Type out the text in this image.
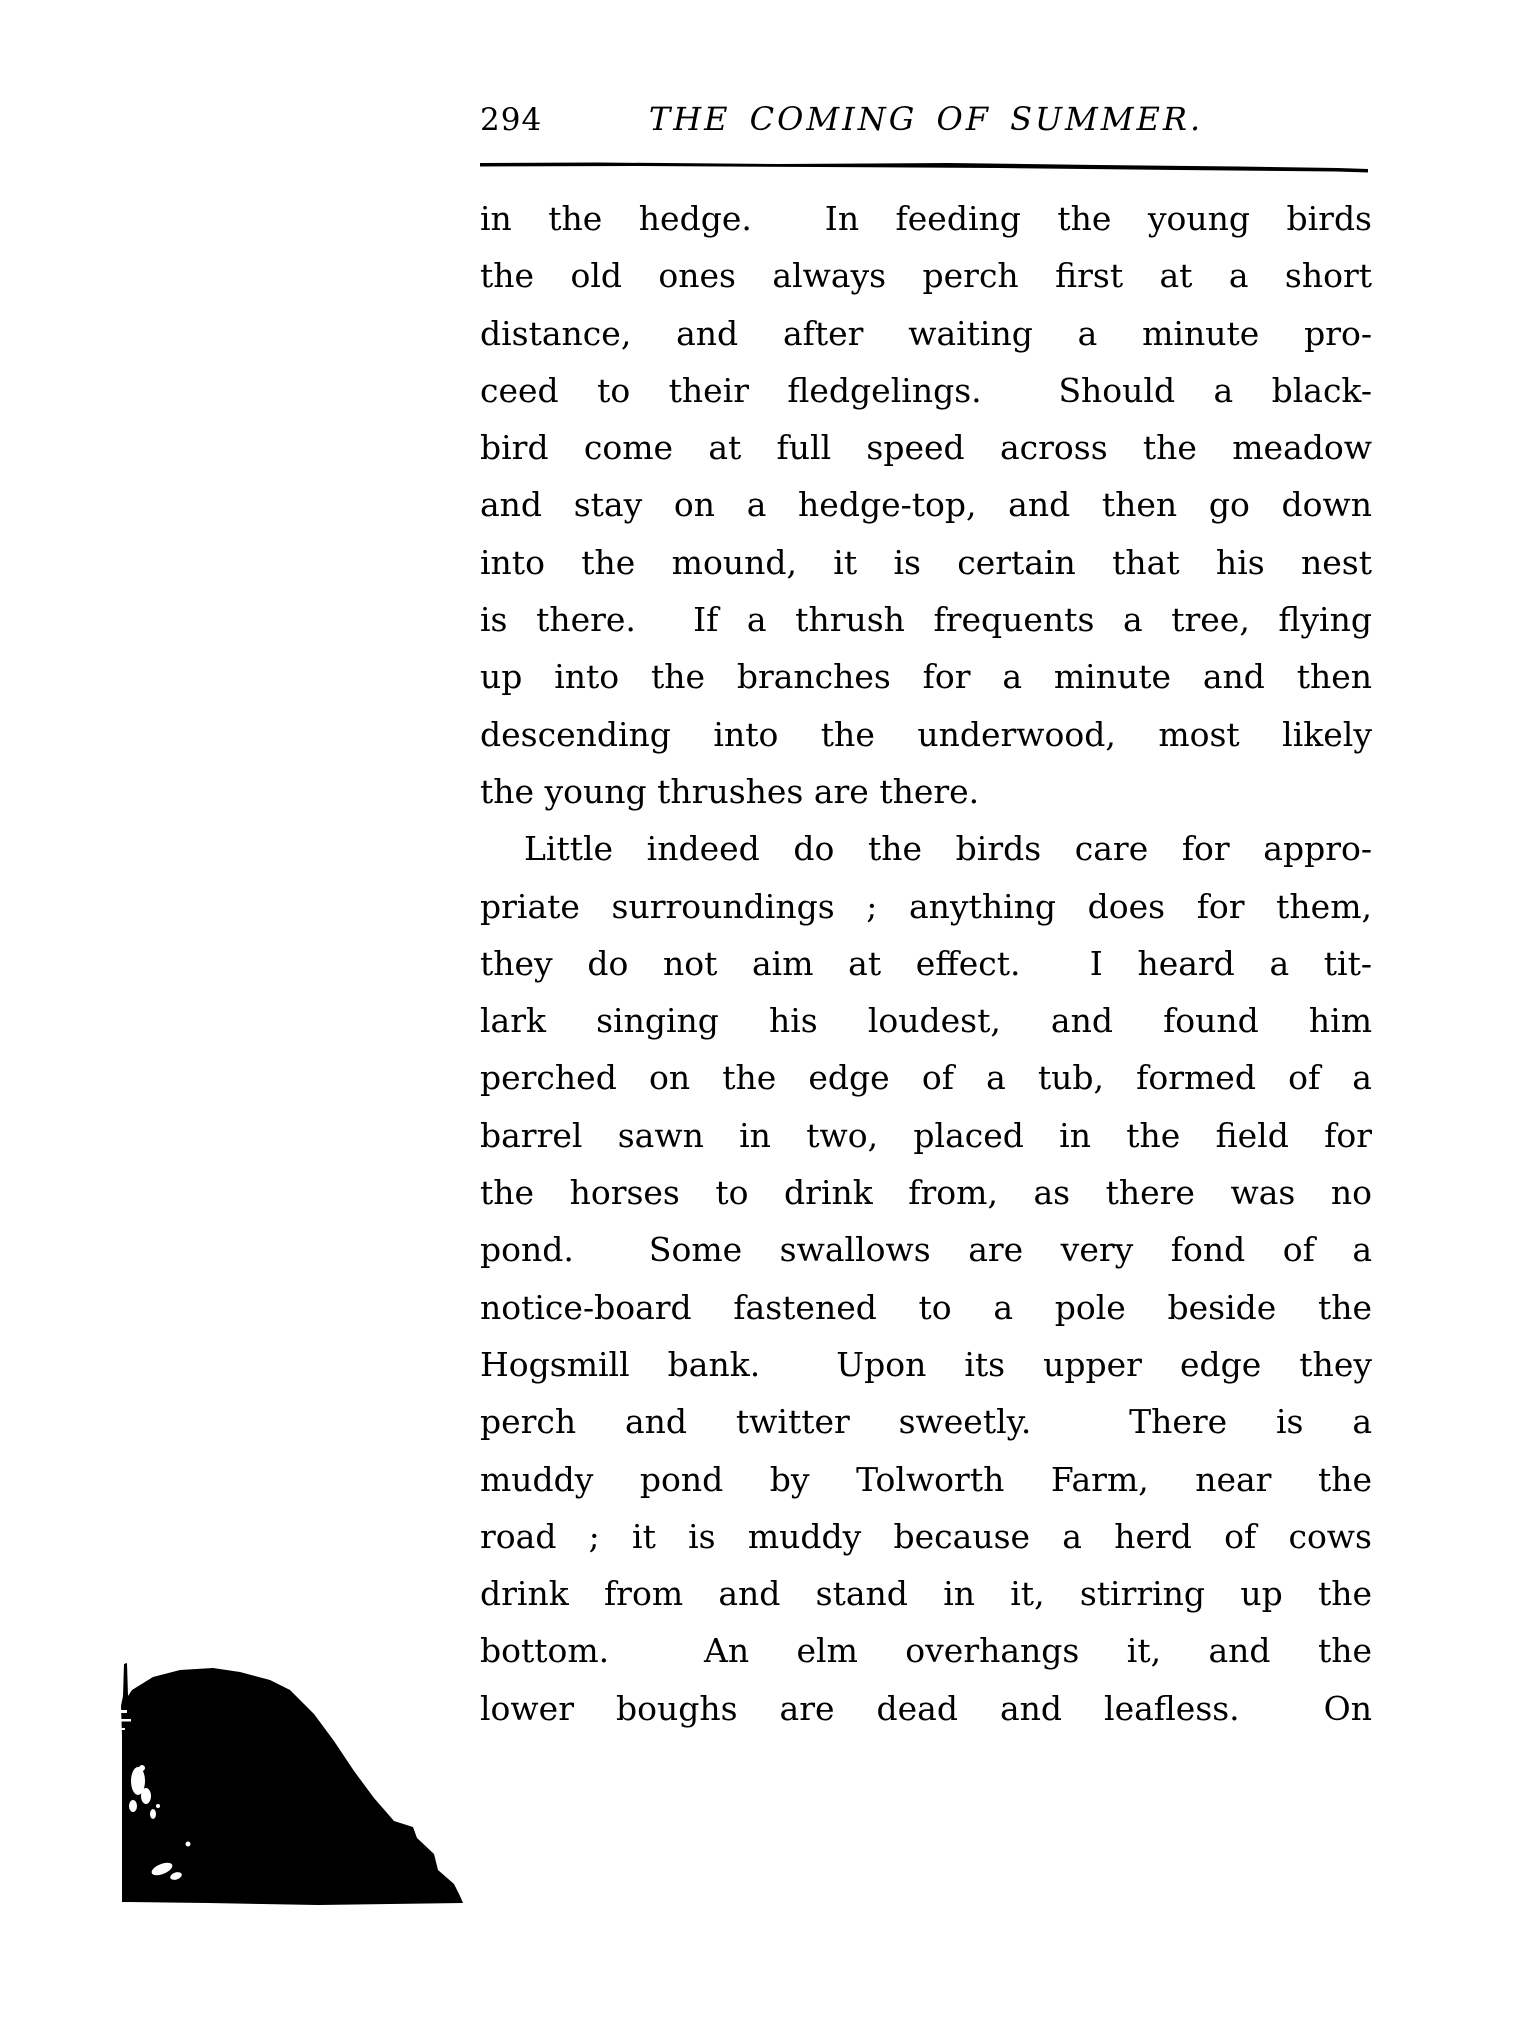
294	THE COMING OF SUMMER.
in the hedge.  In feeding the young birds
the old ones always perch first at a short
distance, and after waiting a minute pro-
ceed to their fledgelings.  Should a black-
bird come at full speed across the meadow
and stay on a hedge-top, and then go down
into the mound, it is certain that his nest
is there.  If a thrush frequents a tree, flying
up into the branches for a minute and then
descending into the underwood, most likely
the young thrushes are there.
Little indeed do the birds care for appro-
priate surroundings ; anything does for them,
they do not aim at effect.  I heard a tit-
lark singing his loudest, and found him
perched on the edge of a tub, formed of a
barrel sawn in two, placed in the field for
the horses to drink from, as there was no
pond.  Some swallows are very fond of a
notice-board fastened to a pole beside the
Hogsmill bank.  Upon its upper edge they
perch and twitter sweetly.  There is a
muddy pond by Tolworth Farm, near the
road ; it is muddy because a herd of cows
drink from and stand in it, stirring up the
bottom.  An elm overhangs it, and the
lower boughs are dead and leafless.  On
